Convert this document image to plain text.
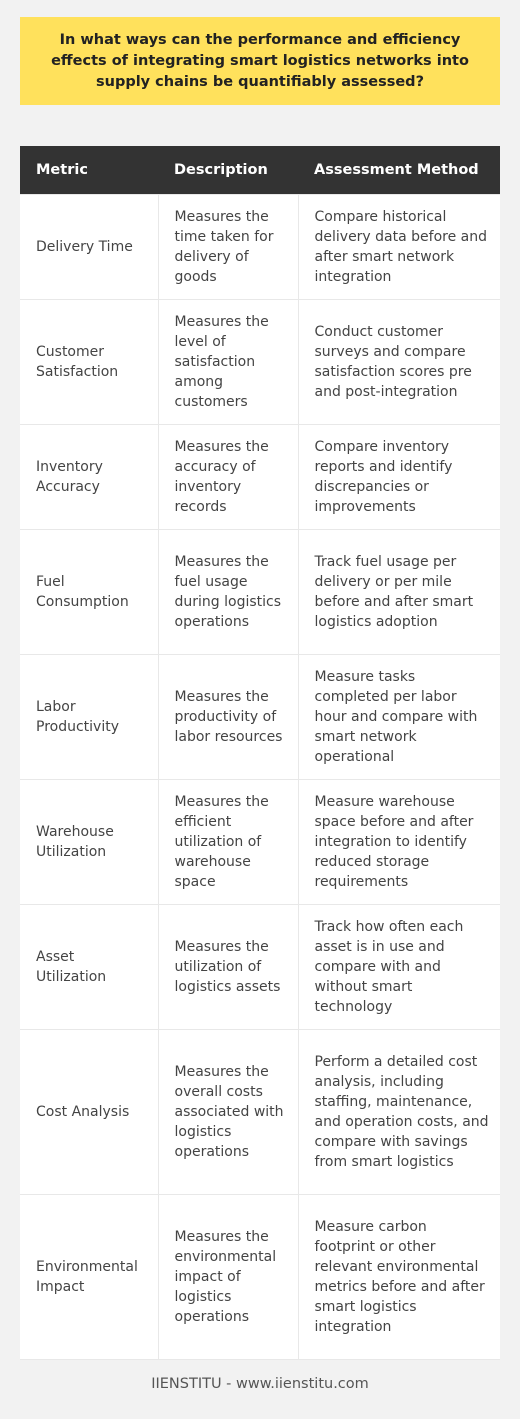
In what ways can the performance and efficiency effects of integrating smart logistics networks into supply chains be quantifiably assessed?
Metric	Description	Assessment Method
Delivery Time	Measures the time taken for delivery of goods	Compare historical delivery data before and after smart network integration
Customer Satisfaction	Measures the level of satisfaction among customers	Conduct customer surveys and compare satisfaction scores pre and post-integration
Inventory Accuracy	Measures the accuracy of inventory records	Compare inventory reports and identify discrepancies or improvements
Fuel Consumption	Measures the fuel usage during logistics operations	Track fuel usage per delivery or per mile before and after smart logistics adoption
Labor Productivity	Measures the productivity of labor resources	Measure tasks completed per labor hour and compare with smart network operational
Warehouse Utilization	Measures the efficient utilization of warehouse space	Measure warehouse space before and after integration to identify reduced storage requirements
Asset Utilization	Measures the utilization of logistics assets	Track how often each asset is in use and compare with and without smart technology
Cost Analysis	Measures the overall costs associated with logistics operations	Perform a detailed cost analysis, including staffing, maintenance, and operation costs, and compare with savings from smart logistics
Environmental Impact	Measures the environmental impact of logistics operations	Measure carbon footprint or other relevant environmental metrics before and after smart logistics integration
IIENSTITU - www.iienstitu.com
